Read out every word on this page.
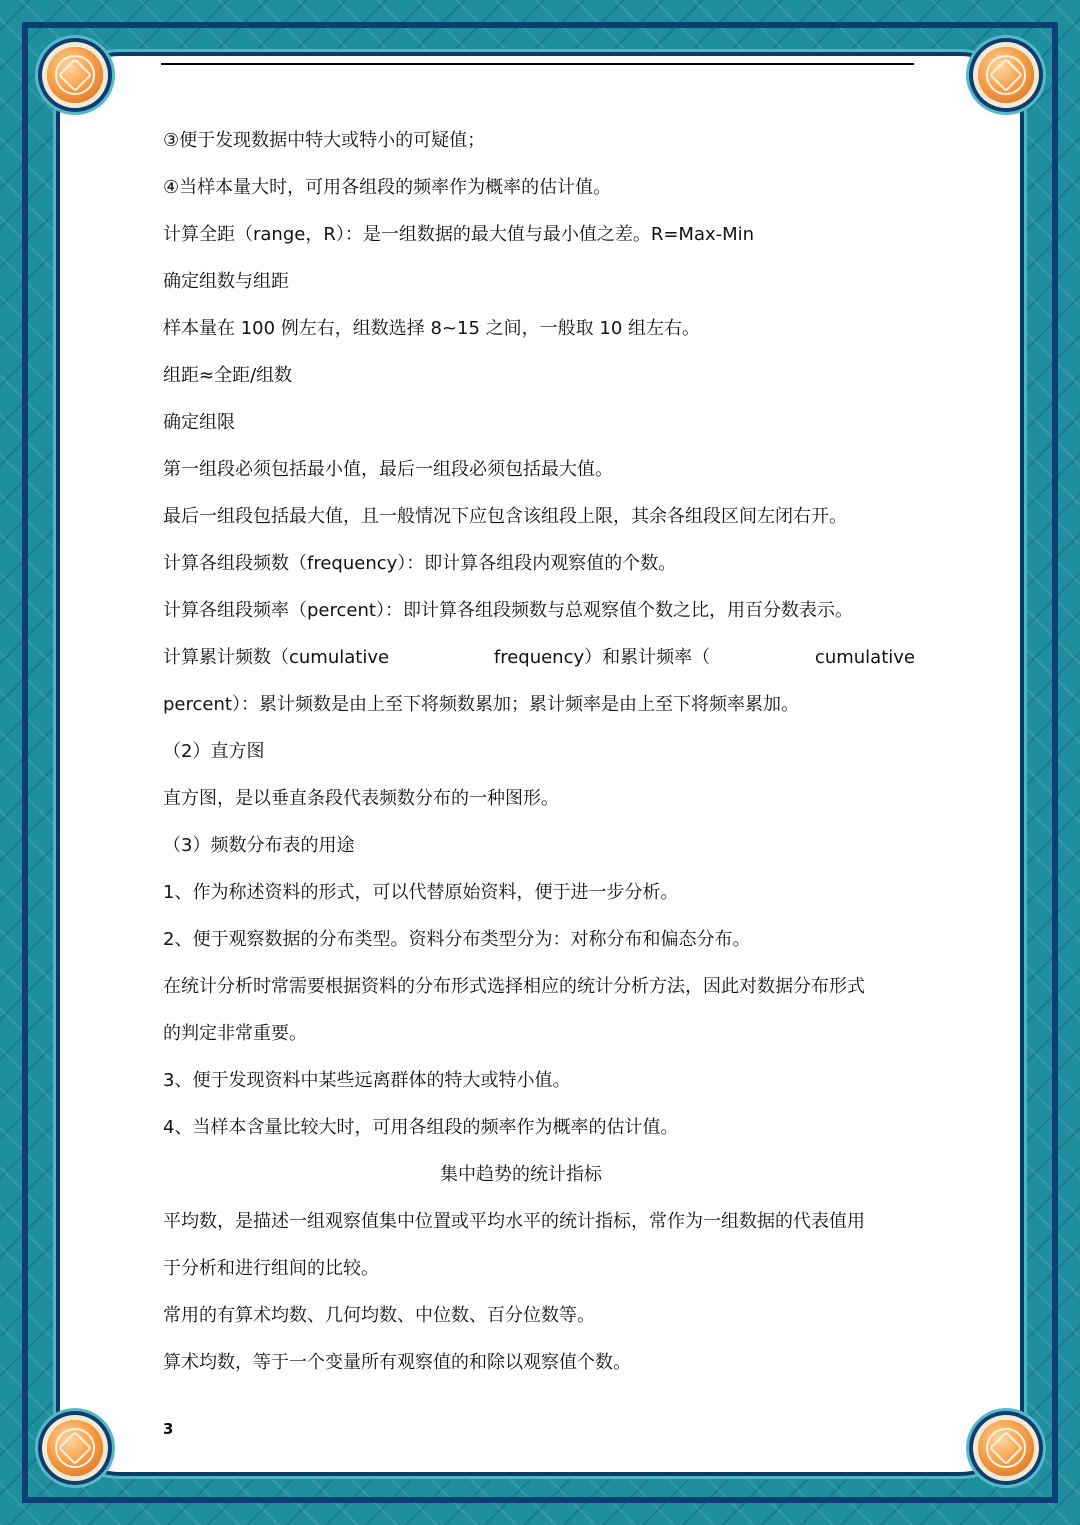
③便于发现数据中特大或特小的可疑值；
④当样本量大时，可用各组段的频率作为概率的估计值。
计算全距（range，R）：是一组数据的最大值与最小值之差。R=Max-Min
确定组数与组距
样本量在 100 例左右，组数选择 8~15 之间，一般取 10 组左右。
组距≈全距/组数
确定组限
第一组段必须包括最小值，最后一组段必须包括最大值。
最后一组段包括最大值，且一般情况下应包含该组段上限，其余各组段区间左闭右开。
计算各组段频数（frequency）：即计算各组段内观察值的个数。
计算各组段频率（percent）：即计算各组段频数与总观察值个数之比，用百分数表示。
计算累计频数（cumulative	frequency）和累计频率（	cumulative
percent）：累计频数是由上至下将频数累加；累计频率是由上至下将频率累加。
（2）直方图
直方图，是以垂直条段代表频数分布的一种图形。
（3）频数分布表的用途
1、作为称述资料的形式，可以代替原始资料，便于进一步分析。
2、便于观察数据的分布类型。资料分布类型分为：对称分布和偏态分布。
在统计分析时常需要根据资料的分布形式选择相应的统计分析方法，因此对数据分布形式
的判定非常重要。
3、便于发现资料中某些远离群体的特大或特小值。
4、当样本含量比较大时，可用各组段的频率作为概率的估计值。
集中趋势的统计指标
平均数，是描述一组观察值集中位置或平均水平的统计指标，常作为一组数据的代表值用
于分析和进行组间的比较。
常用的有算术均数、几何均数、中位数、百分位数等。
算术均数，等于一个变量所有观察值的和除以观察值个数。
3
